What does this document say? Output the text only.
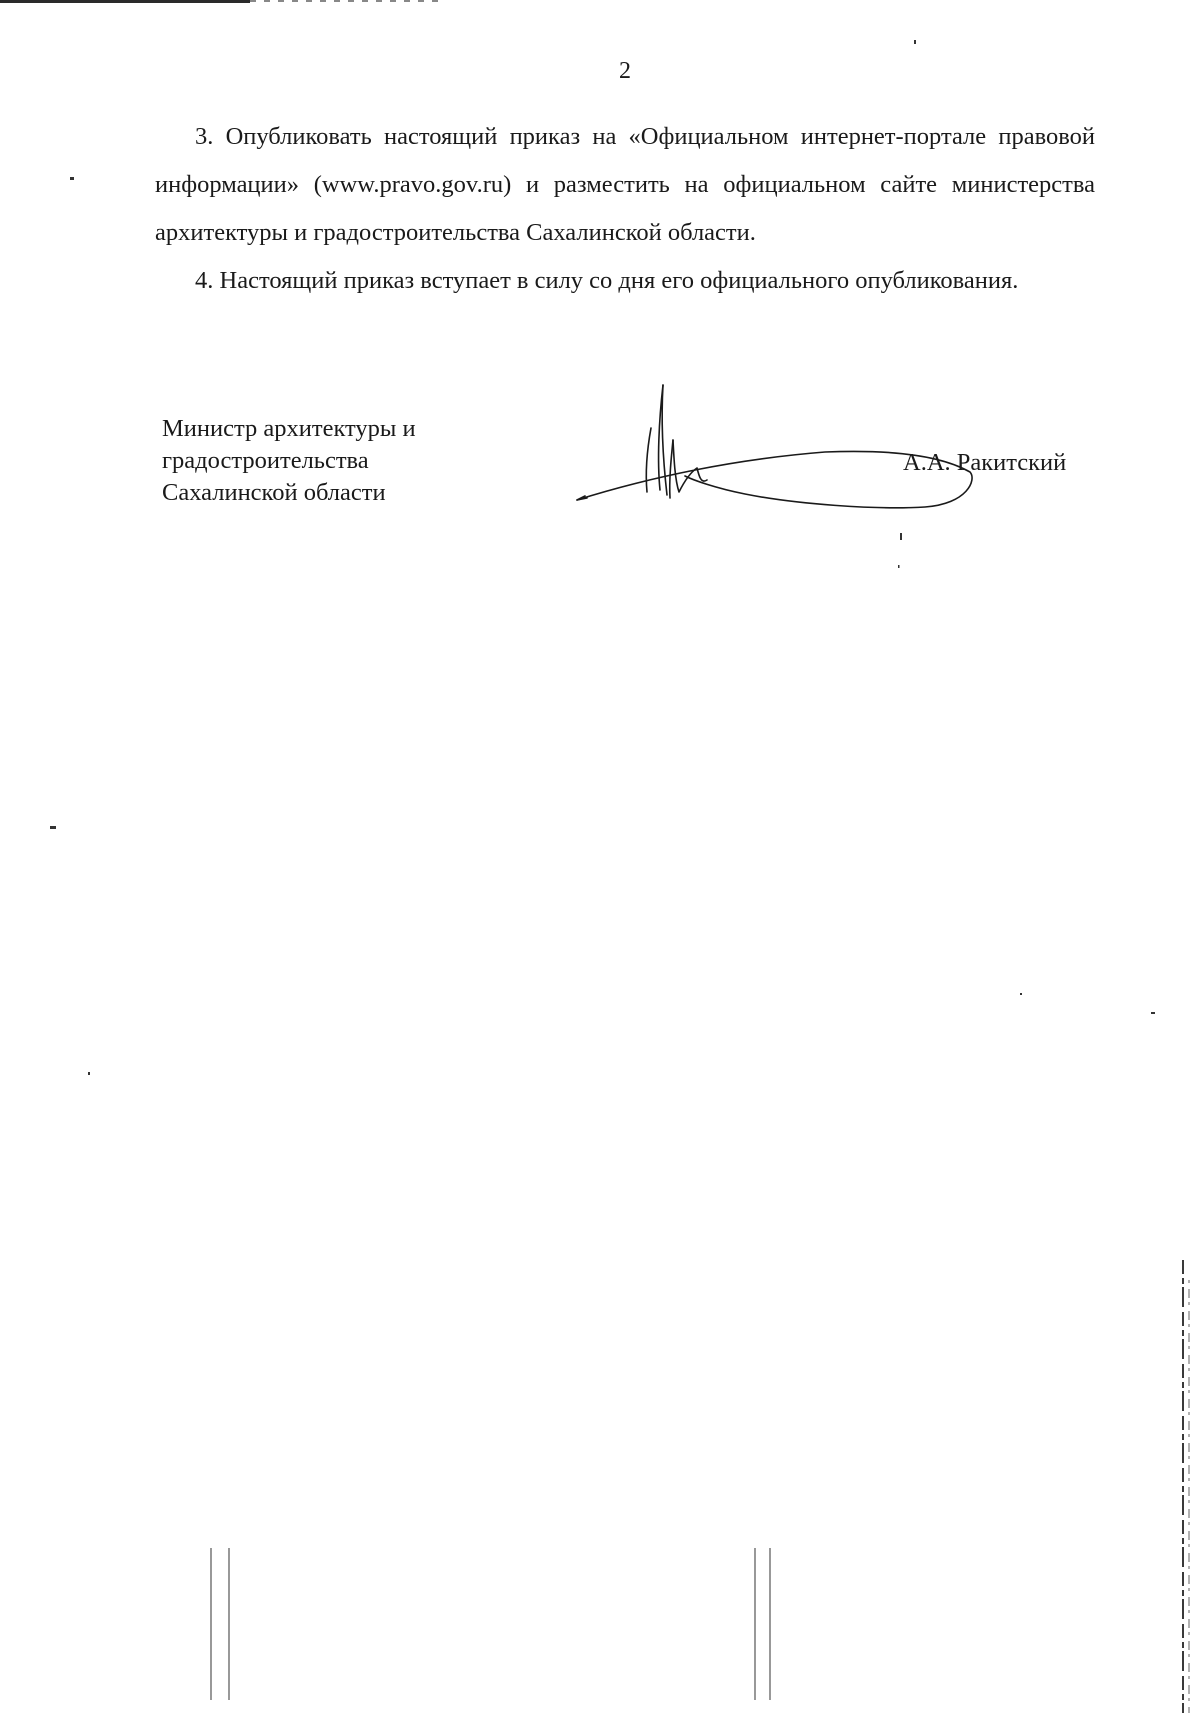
2

3. Опубликовать настоящий приказ на «Официальном интернет-портале правовой информации» (www.pravo.gov.ru) и разместить на официальном сайте министерства архитектуры и градостроительства Сахалинской области.

4. Настоящий приказ вступает в силу со дня его официального опубликования.

Министр архитектуры и
градостроительства
Сахалинской области
А.А. Ракитский
